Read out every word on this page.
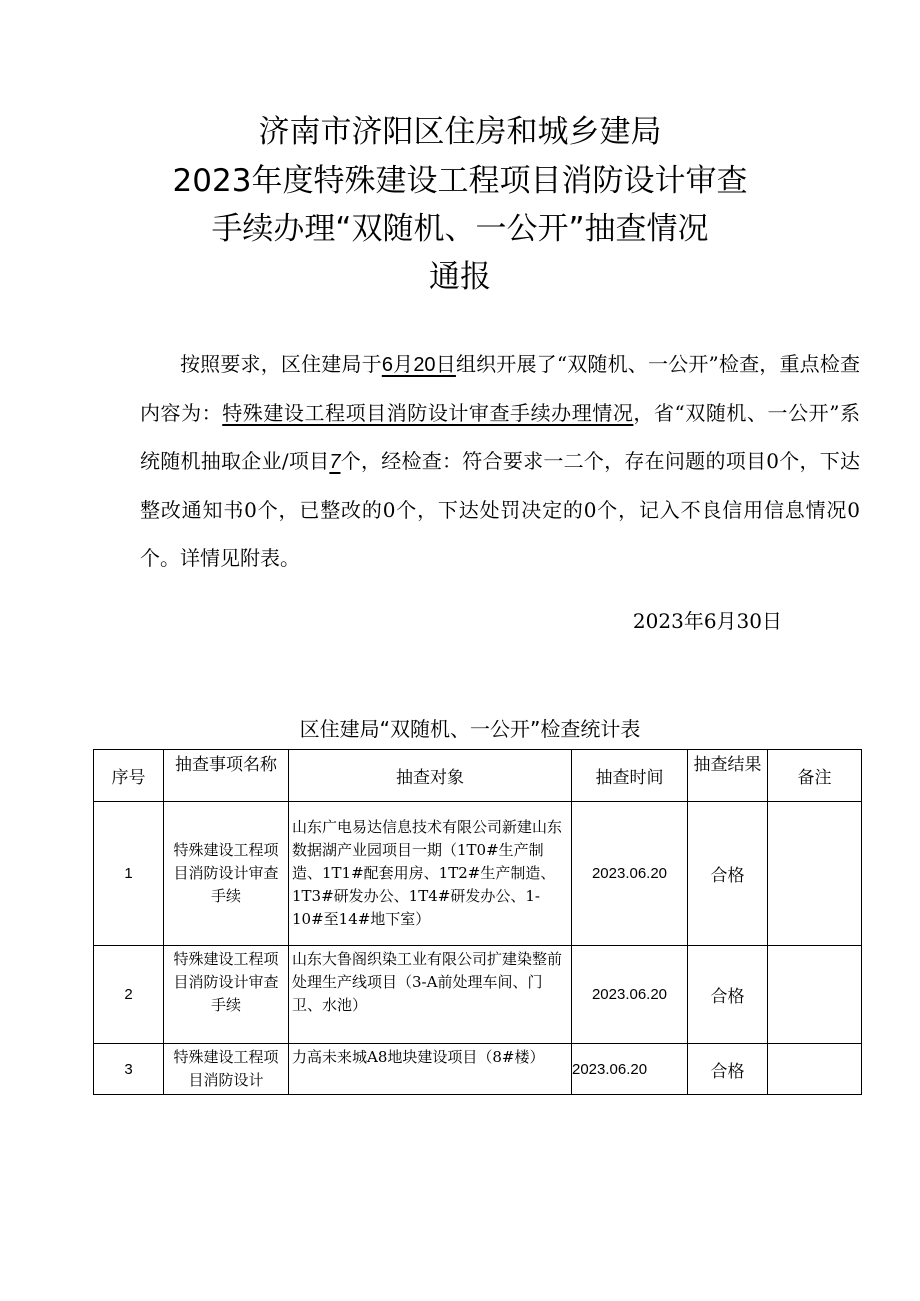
济南市济阳区住房和城乡建局
2023年度特殊建设工程项目消防设计审查
手续办理“双随机、一公开”抽查情况
通报
按照要求，区住建局于6月20日组织开展了“双随机、一公开”检查，重点检查内容为：特殊建设工程项目消防设计审查手续办理情况，省“双随机、一公开”系统随机抽取企业/项目7个，经检查：符合要求一二个，存在问题的项目0个，下达整改通知书0个，已整改的0个，下达处罚决定的0个，记入不良信用信息情况0个。详情见附表。
2023年6月30日
区住建局“双随机、一公开”检查统计表
序号	抽查事项名称	抽查对象	抽查时间	抽查结果	备注
1	特殊建设工程项目消防设计审查手续	山东广电易达信息技术有限公司新建山东数据湖产业园项目一期（1T0#生产制造、1T1#配套用房、1T2#生产制造、1T3#研发办公、1T4#研发办公、1-10#至14#地下室）	2023.06.20	合格	
2	特殊建设工程项目消防设计审查手续	山东大鲁阁织染工业有限公司扩建染整前处理生产线项目（3-A前处理车间、门卫、水池）	2023.06.20	合格	
3	特殊建设工程项目消防设计	力高未来城A8地块建设项目（8#楼）	2023.06.20	合格	
